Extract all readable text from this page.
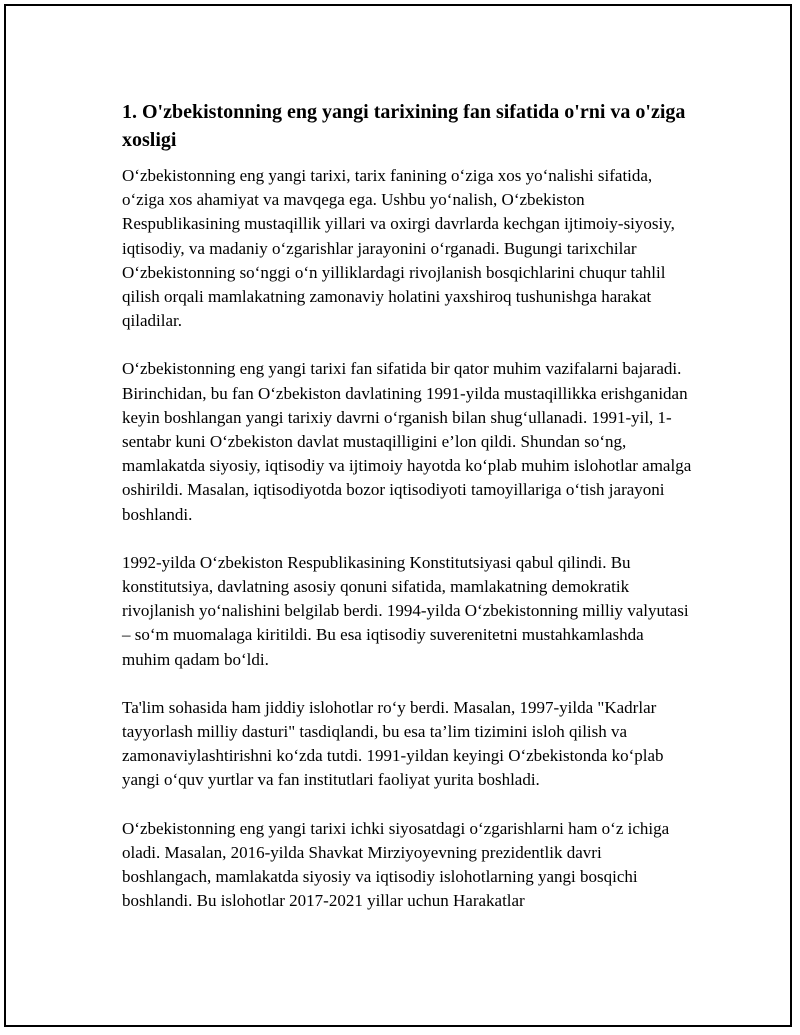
1. O'zbekistonning eng yangi tarixining fan sifatida o'rni va o'ziga xosligi

O‘zbekistonning eng yangi tarixi, tarix fanining o‘ziga xos yo‘nalishi sifatida, o‘ziga xos ahamiyat va mavqega ega. Ushbu yo‘nalish, O‘zbekiston Respublikasining mustaqillik yillari va oxirgi davrlarda kechgan ijtimoiy-siyosiy, iqtisodiy, va madaniy o‘zgarishlar jarayonini o‘rganadi. Bugungi tarixchilar O‘zbekistonning so‘nggi o‘n yilliklardagi rivojlanish bosqichlarini chuqur tahlil qilish orqali mamlakatning zamonaviy holatini yaxshiroq tushunishga harakat qiladilar.

O‘zbekistonning eng yangi tarixi fan sifatida bir qator muhim vazifalarni bajaradi. Birinchidan, bu fan O‘zbekiston davlatining 1991-yilda mustaqillikka erishganidan keyin boshlangan yangi tarixiy davrni o‘rganish bilan shug‘ullanadi. 1991-yil, 1-sentabr kuni O‘zbekiston davlat mustaqilligini e’lon qildi. Shundan so‘ng, mamlakatda siyosiy, iqtisodiy va ijtimoiy hayotda ko‘plab muhim islohotlar amalga oshirildi. Masalan, iqtisodiyotda bozor iqtisodiyoti tamoyillariga o‘tish jarayoni boshlandi.

1992-yilda O‘zbekiston Respublikasining Konstitutsiyasi qabul qilindi. Bu konstitutsiya, davlatning asosiy qonuni sifatida, mamlakatning demokratik rivojlanish yo‘nalishini belgilab berdi. 1994-yilda O‘zbekistonning milliy valyutasi – so‘m muomalaga kiritildi. Bu esa iqtisodiy suverenitetni mustahkamlashda muhim qadam bo‘ldi.

Ta'lim sohasida ham jiddiy islohotlar ro‘y berdi. Masalan, 1997-yilda "Kadrlar tayyorlash milliy dasturi" tasdiqlandi, bu esa ta’lim tizimini isloh qilish va zamonaviylashtirishni ko‘zda tutdi. 1991-yildan keyingi O‘zbekistonda ko‘plab yangi o‘quv yurtlar va fan institutlari faoliyat yurita boshladi.

O‘zbekistonning eng yangi tarixi ichki siyosatdagi o‘zgarishlarni ham o‘z ichiga oladi. Masalan, 2016-yilda Shavkat Mirziyoyevning prezidentlik davri boshlangach, mamlakatda siyosiy va iqtisodiy islohotlarning yangi bosqichi boshlandi. Bu islohotlar 2017-2021 yillar uchun Harakatlar
